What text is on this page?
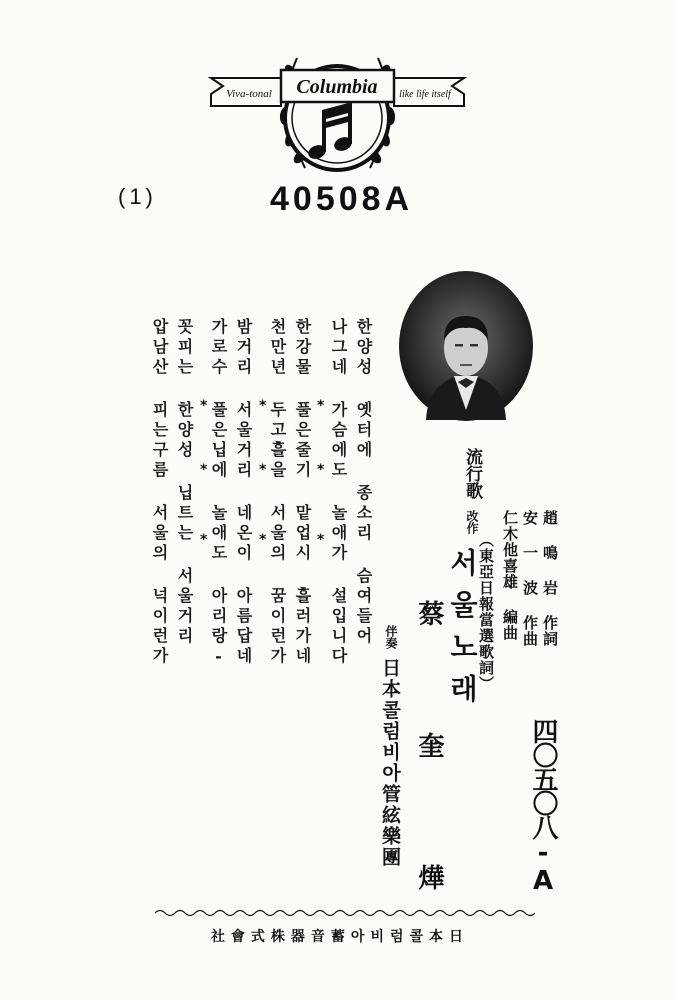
Columbia
Viva-tonal	like life itself
(1)	40508A
四〇五〇八-A
趙 鳴 岩 作詞
安 一 波 作曲
仁木他喜雄 編曲
（東亞日報當選歌詞）
流行歌
改作
서울노래
蔡 奎 燁
伴奏
日本콜럼비아管絃樂團
한양성 옛터에 종소리 슴여들어
나그네 가슴에도 놀애가 설입니다
한강물 풀은줄기 맡업시 흘러가네
천만년 두고흘을 서울의 꿈이런가
밤거리 서울거리 네온이 아름답네
가로수 풀은닙에 놀애도 아리랑-
꼿피는 한양성 닙트는 서울거리
압남산 피는구름 서울의 넉이런가	*
*
*
*
*
*
*
*
*
日本콜럼비아蓄音器株式會社
